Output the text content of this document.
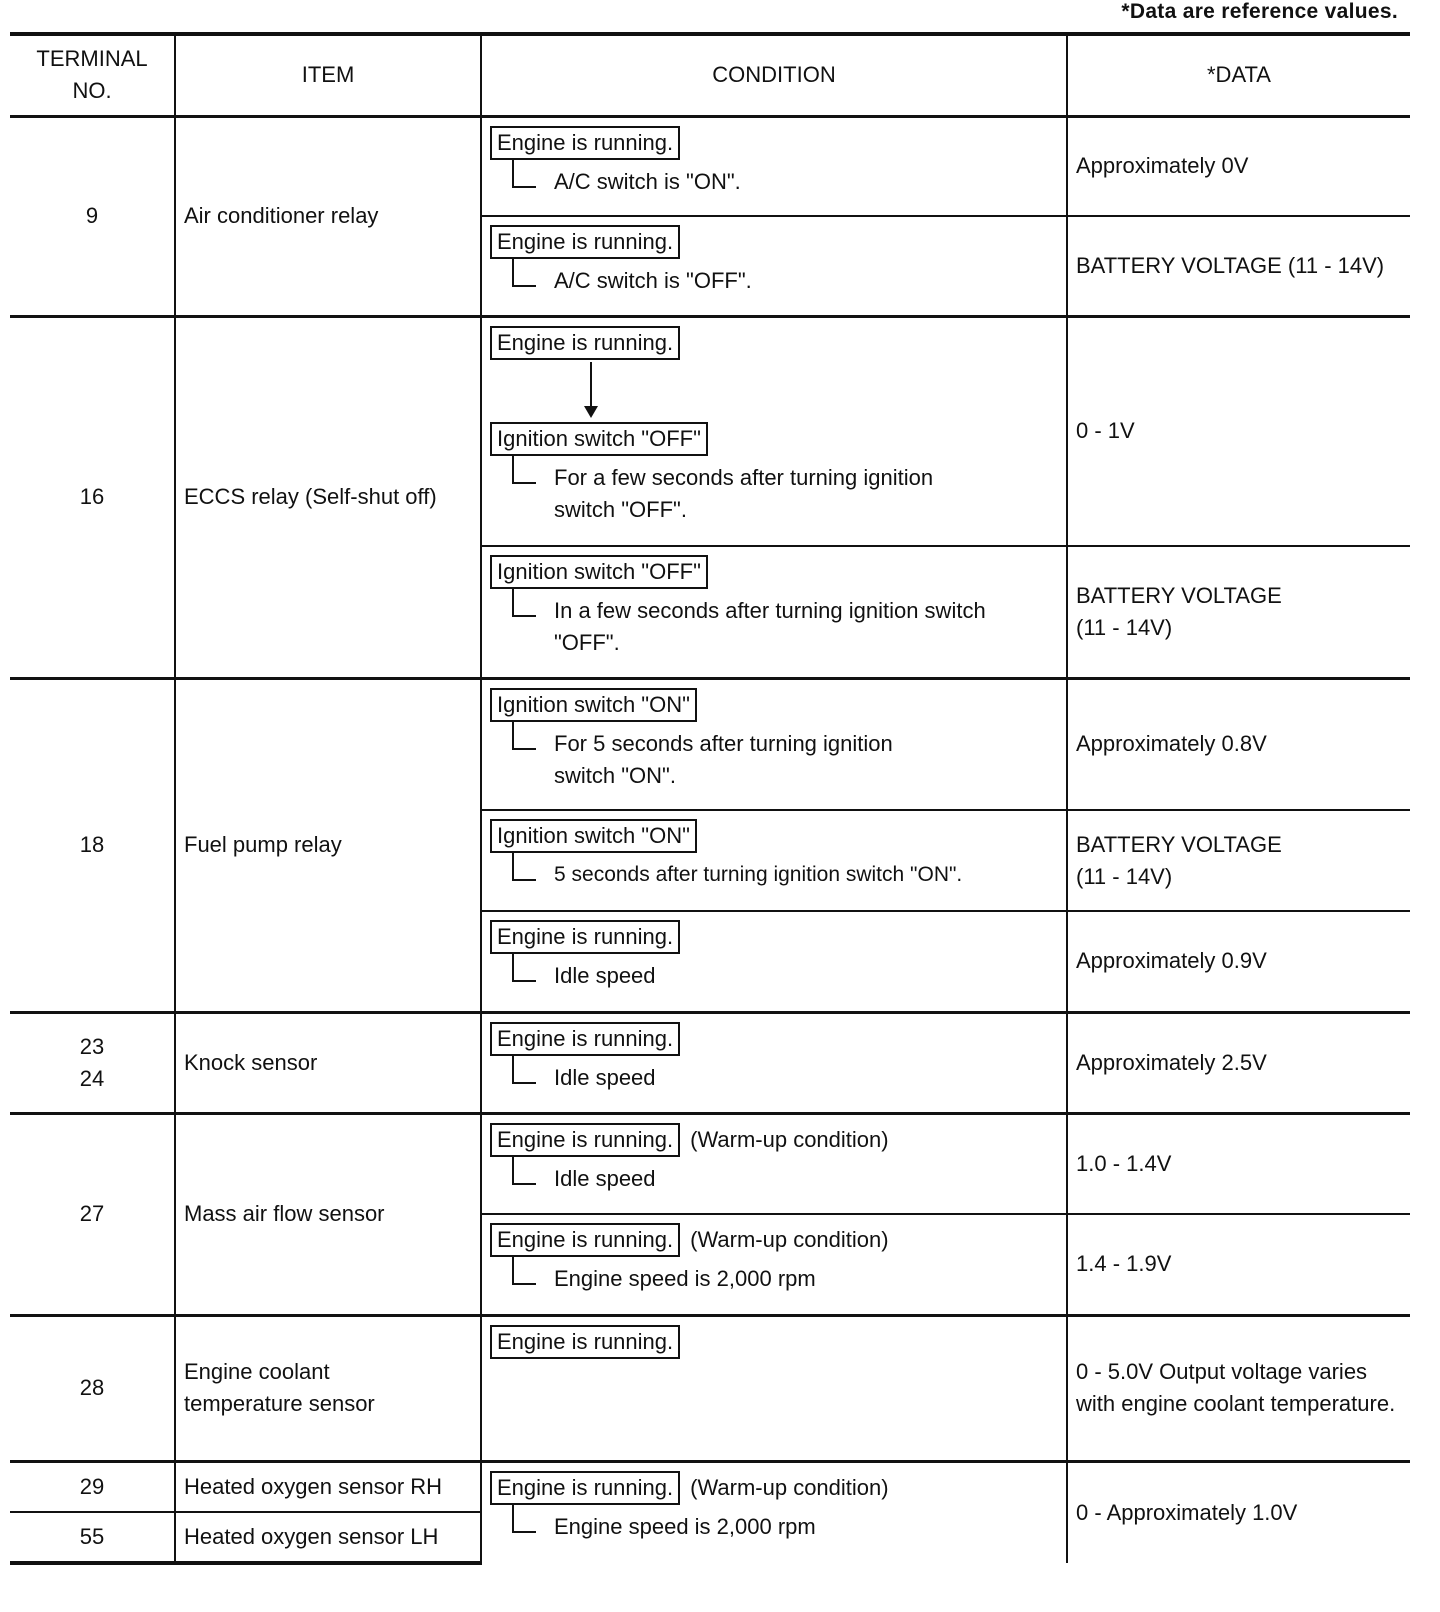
*Data are reference values.
TERMINAL NO.	ITEM	CONDITION	*DATA
9	Air conditioner relay	Engine is running.
A/C switch is "ON".	Approximately 0V
		Engine is running.
A/C switch is "OFF".	BATTERY VOLTAGE (11 - 14V)
16	ECCS relay (Self-shut off)	Engine is running.
Ignition switch "OFF"
For a few seconds after turning ignition switch "OFF".	0 - 1V
		Ignition switch "OFF"
In a few seconds after turning ignition switch "OFF".	BATTERY VOLTAGE (11 - 14V)
18	Fuel pump relay	Ignition switch "ON"
For 5 seconds after turning ignition switch "ON".	Approximately 0.8V
		Ignition switch "ON"
5 seconds after turning ignition switch "ON".	BATTERY VOLTAGE (11 - 14V)
		Engine is running.
Idle speed	Approximately 0.9V
23 24	Knock sensor	Engine is running.
Idle speed	Approximately 2.5V
27	Mass air flow sensor	Engine is running. (Warm-up condition)
Idle speed	1.0 - 1.4V
		Engine is running. (Warm-up condition)
Engine speed is 2,000 rpm	1.4 - 1.9V
28	Engine coolant temperature sensor	Engine is running.	0 - 5.0V Output voltage varies with engine coolant temperature.
29	Heated oxygen sensor RH	Engine is running. (Warm-up condition)
Engine speed is 2,000 rpm	0 - Approximately 1.0V
55	Heated oxygen sensor LH		
